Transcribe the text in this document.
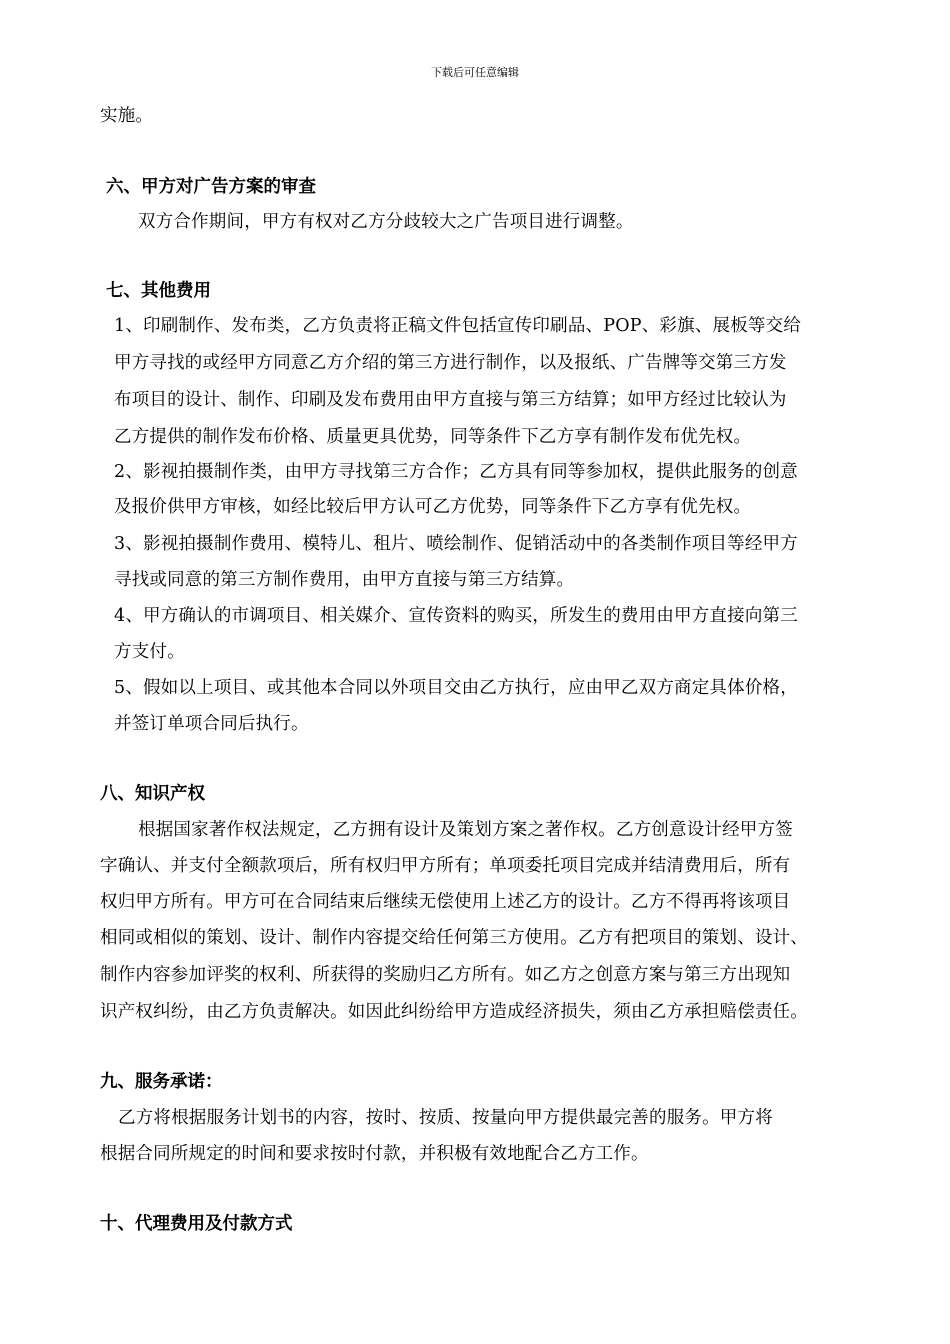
下载后可任意编辑
实施。
六、甲方对广告方案的审查
双方合作期间，甲方有权对乙方分歧较大之广告项目进行调整。
七、其他费用
1、印刷制作、发布类，乙方负责将正稿文件包括宣传印刷品、POP、彩旗、展板等交给
甲方寻找的或经甲方同意乙方介绍的第三方进行制作，以及报纸、广告牌等交第三方发
布项目的设计、制作、印刷及发布费用由甲方直接与第三方结算；如甲方经过比较认为
乙方提供的制作发布价格、质量更具优势，同等条件下乙方享有制作发布优先权。
2、影视拍摄制作类，由甲方寻找第三方合作；乙方具有同等参加权，提供此服务的创意
及报价供甲方审核，如经比较后甲方认可乙方优势，同等条件下乙方享有优先权。
3、影视拍摄制作费用、模特儿、租片、喷绘制作、促销活动中的各类制作项目等经甲方
寻找或同意的第三方制作费用，由甲方直接与第三方结算。
4、甲方确认的市调项目、相关媒介、宣传资料的购买，所发生的费用由甲方直接向第三
方支付。
5、假如以上项目、或其他本合同以外项目交由乙方执行，应由甲乙双方商定具体价格，
并签订单项合同后执行。
八、知识产权
根据国家著作权法规定，乙方拥有设计及策划方案之著作权。乙方创意设计经甲方签
字确认、并支付全额款项后，所有权归甲方所有；单项委托项目完成并结清费用后，所有
权归甲方所有。甲方可在合同结束后继续无偿使用上述乙方的设计。乙方不得再将该项目
相同或相似的策划、设计、制作内容提交给任何第三方使用。乙方有把项目的策划、设计、
制作内容参加评奖的权利、所获得的奖励归乙方所有。如乙方之创意方案与第三方出现知
识产权纠纷，由乙方负责解决。如因此纠纷给甲方造成经济损失，须由乙方承担赔偿责任。
九、服务承诺：
乙方将根据服务计划书的内容，按时、按质、按量向甲方提供最完善的服务。甲方将
根据合同所规定的时间和要求按时付款，并积极有效地配合乙方工作。
十、代理费用及付款方式
